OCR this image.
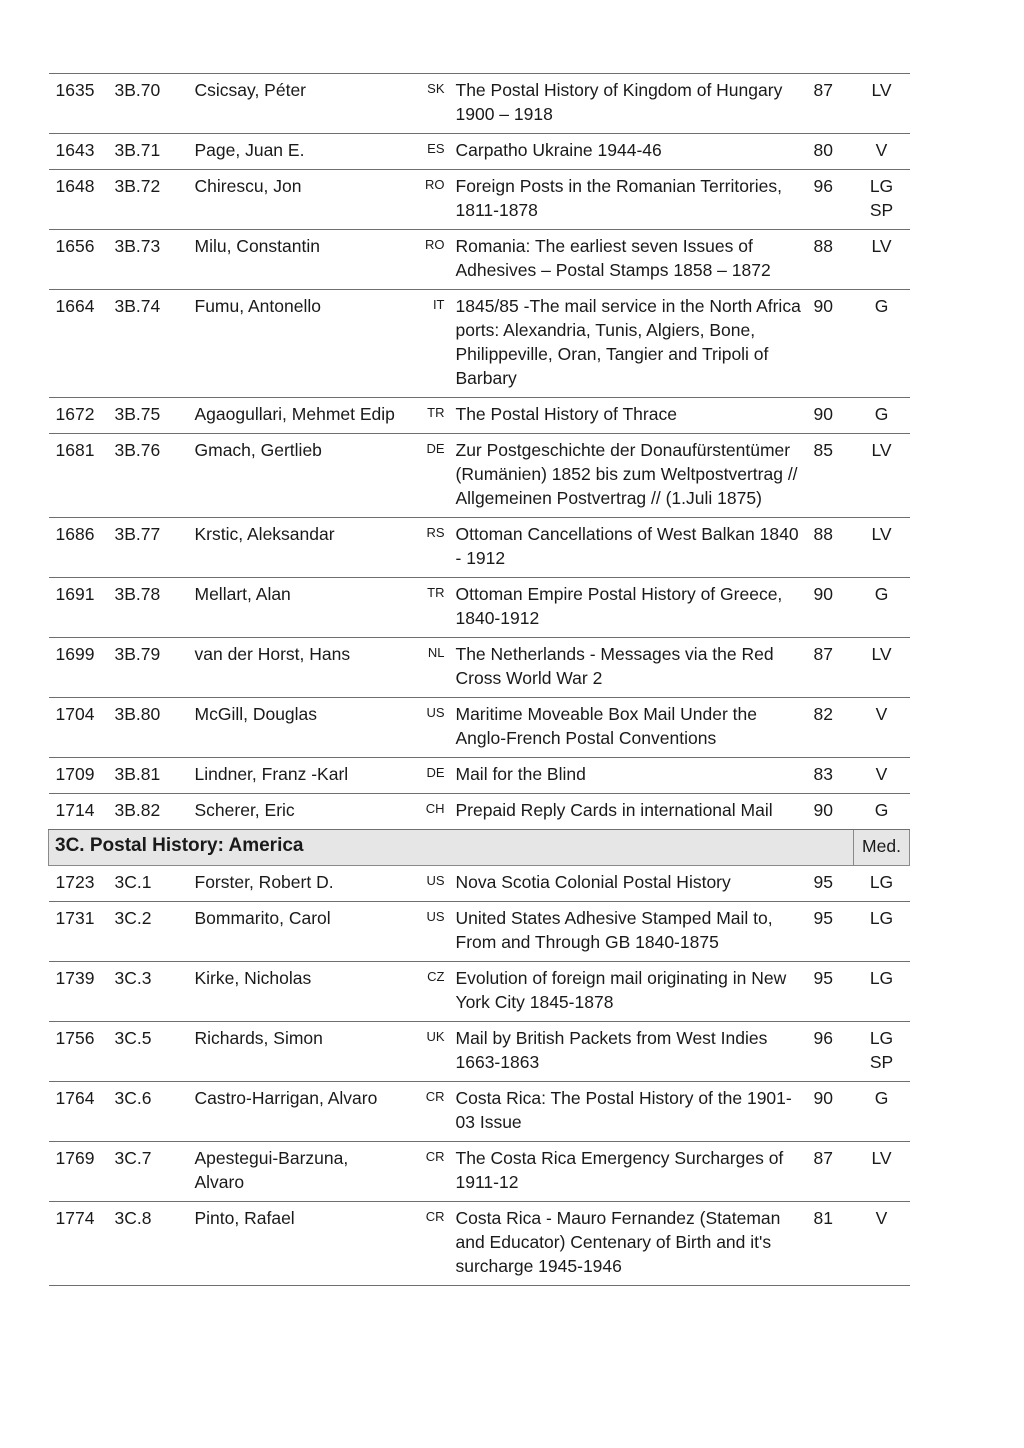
1635	3B.70	Csicsay, Péter	SK	The Postal History of Kingdom of Hungary 1900 – 1918	87	LV

1643	3B.71	Page, Juan E.	ES	Carpatho Ukraine 1944-46	80	V

1648	3B.72	Chirescu, Jon	RO	Foreign Posts in the Romanian Territories, 1811-1878	96	LG
SP

1656	3B.73	Milu, Constantin	RO	Romania: The earliest seven Issues of Adhesives – Postal Stamps 1858 – 1872	88	LV

1664	3B.74	Fumu, Antonello	IT	1845/85 -The mail service in the North Africa ports: Alexandria, Tunis, Algiers, Bone, Philippeville, Oran, Tangier and Tripoli of Barbary	90	G

1672	3B.75	Agaogullari, Mehmet Edip	TR	The Postal History of Thrace	90	G

1681	3B.76	Gmach, Gertlieb	DE	Zur Postgeschichte der Donaufürstentümer (Rumänien) 1852 bis zum Weltpostvertrag // Allgemeinen Postvertrag // (1.Juli 1875)	85	LV

1686	3B.77	Krstic, Aleksandar	RS	Ottoman Cancellations of West Balkan 1840 - 1912	88	LV

1691	3B.78	Mellart, Alan	TR	Ottoman Empire Postal History of Greece, 1840-1912	90	G

1699	3B.79	van der Horst, Hans	NL	The Netherlands - Messages via the Red Cross World War 2	87	LV

1704	3B.80	McGill, Douglas	US	Maritime Moveable Box Mail Under the Anglo-French Postal Conventions	82	V

1709	3B.81	Lindner, Franz -Karl	DE	Mail for the Blind	83	V

1714	3B.82	Scherer, Eric	CH	Prepaid Reply Cards in international Mail	90	G

3C. Postal History: America						Med.
1723	3C.1	Forster, Robert D.	US	Nova Scotia Colonial Postal History	95	LG

1731	3C.2	Bommarito, Carol	US	United States Adhesive Stamped Mail to, From and Through GB 1840-1875	95	LG

1739	3C.3	Kirke, Nicholas	CZ	Evolution of foreign mail originating in New York City 1845-1878	95	LG

1756	3C.5	Richards, Simon	UK	Mail by British Packets from West Indies 1663-1863	96	LG
SP

1764	3C.6	Castro-Harrigan, Alvaro	CR	Costa Rica: The Postal History of the 1901-03 Issue	90	G

1769	3C.7	Apestegui-Barzuna, Alvaro	CR	The Costa Rica Emergency Surcharges of 1911-12	87	LV

1774	3C.8	Pinto, Rafael	CR	Costa Rica - Mauro Fernandez (Stateman and Educator) Centenary of Birth and it's surcharge 1945-1946	81	V
